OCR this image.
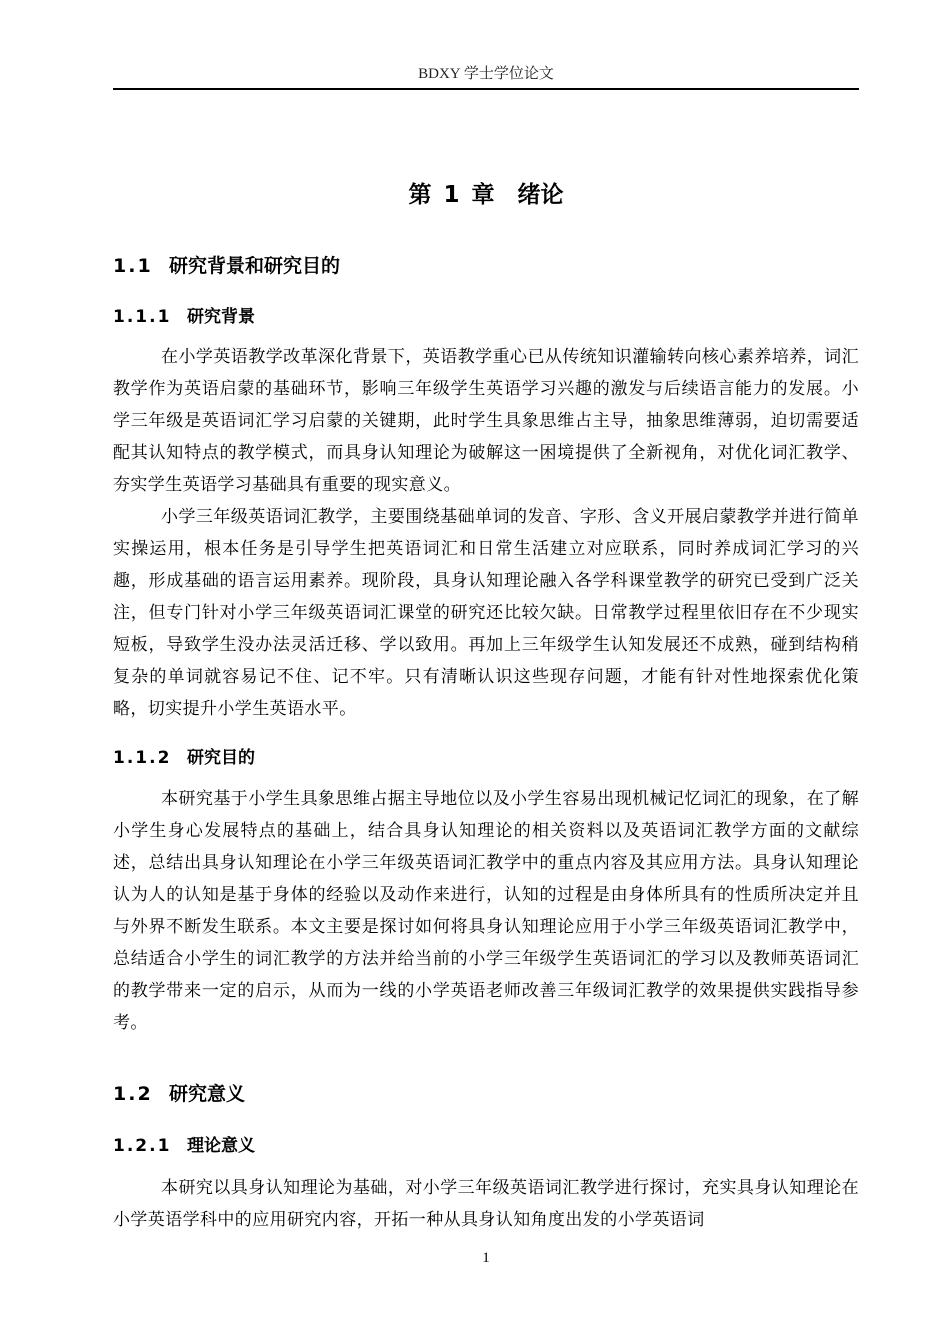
BDXY 学士学位论文
第 1 章　绪论
1.1 研究背景和研究目的
1.1.1 研究背景

在小学英语教学改革深化背景下，英语教学重心已从传统知识灌输转向核心素养培养，词汇教学作为英语启蒙的基础环节，影响三年级学生英语学习兴趣的激发与后续语言能力的发展。小学三年级是英语词汇学习启蒙的关键期，此时学生具象思维占主导，抽象思维薄弱，迫切需要适配其认知特点的教学模式，而具身认知理论为破解这一困境提供了全新视角，对优化词汇教学、夯实学生英语学习基础具有重要的现实意义。

小学三年级英语词汇教学，主要围绕基础单词的发音、字形、含义开展启蒙教学并进行简单实操运用，根本任务是引导学生把英语词汇和日常生活建立对应联系，同时养成词汇学习的兴趣，形成基础的语言运用素养。现阶段，具身认知理论融入各学科课堂教学的研究已受到广泛关注，但专门针对小学三年级英语词汇课堂的研究还比较欠缺。日常教学过程里依旧存在不少现实短板，导致学生没办法灵活迁移、学以致用。再加上三年级学生认知发展还不成熟，碰到结构稍复杂的单词就容易记不住、记不牢。只有清晰认识这些现存问题，才能有针对性地探索优化策略，切实提升小学生英语水平。

1.1.2 研究目的

本研究基于小学生具象思维占据主导地位以及小学生容易出现机械记忆词汇的现象，在了解小学生身心发展特点的基础上，结合具身认知理论的相关资料以及英语词汇教学方面的文献综述，总结出具身认知理论在小学三年级英语词汇教学中的重点内容及其应用方法。具身认知理论认为人的认知是基于身体的经验以及动作来进行，认知的过程是由身体所具有的性质所决定并且与外界不断发生联系。本文主要是探讨如何将具身认知理论应用于小学三年级英语词汇教学中，总结适合小学生的词汇教学的方法并给当前的小学三年级学生英语词汇的学习以及教师英语词汇的教学带来一定的启示，从而为一线的小学英语老师改善三年级词汇教学的效果提供实践指导参考。

1.2 研究意义
1.2.1 理论意义

本研究以具身认知理论为基础，对小学三年级英语词汇教学进行探讨，充实具身认知理论在小学英语学科中的应用研究内容，开拓一种从具身认知角度出发的小学英语词

1
